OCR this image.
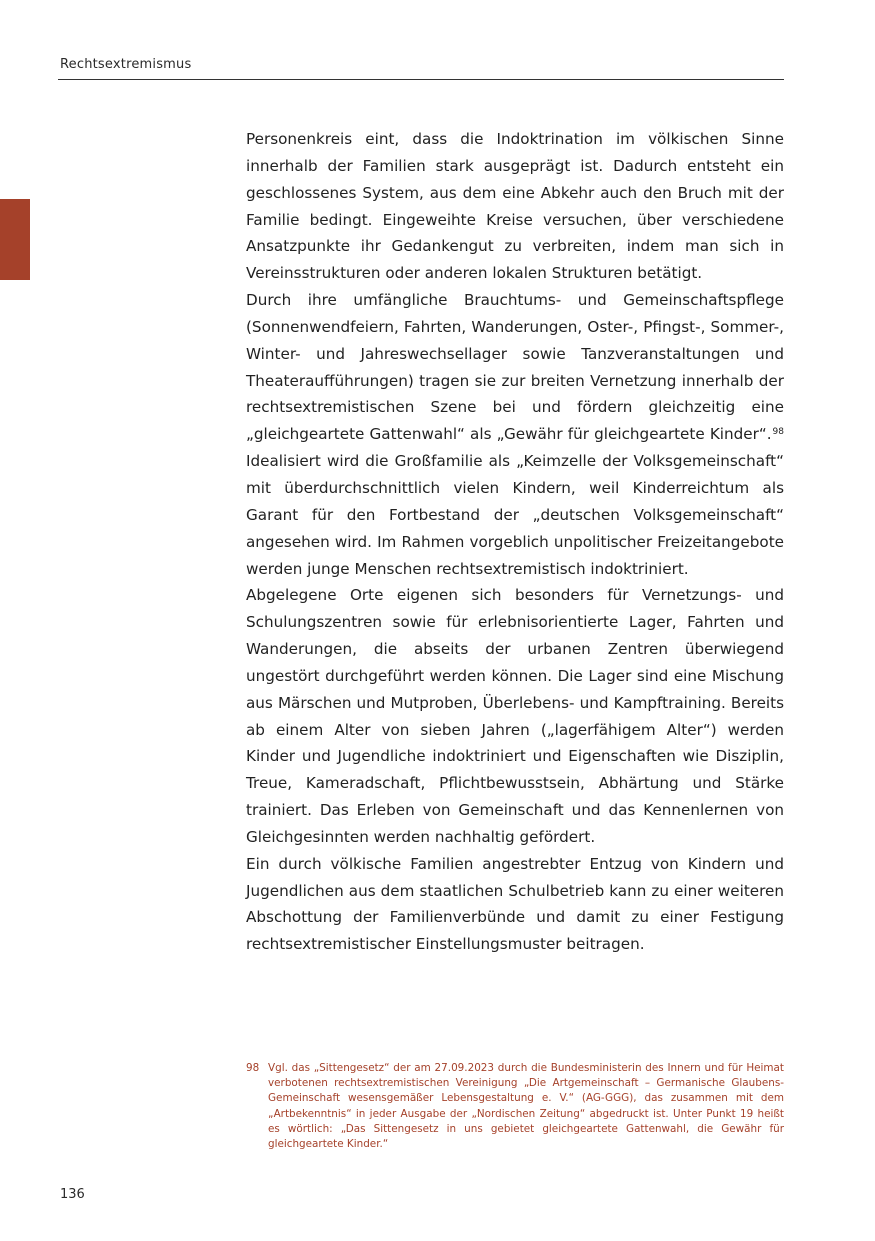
Rechtsextremismus

Personenkreis eint, dass die Indoktrination im völkischen Sinne innerhalb der Familien stark ausgeprägt ist. Dadurch entsteht ein geschlossenes System, aus dem eine Abkehr auch den Bruch mit der Familie bedingt. Eingeweihte Kreise versuchen, über verschiedene Ansatzpunkte ihr Gedankengut zu verbreiten, indem man sich in Vereinsstrukturen oder anderen lokalen Strukturen betätigt.

Durch ihre umfängliche Brauchtums- und Gemeinschaftspflege (Sonnenwendfeiern, Fahrten, Wanderungen, Oster-, Pfingst-, Sommer-, Winter- und Jahreswechsellager sowie Tanzveranstaltungen und Theateraufführungen) tragen sie zur breiten Vernetzung innerhalb der rechtsextremistischen Szene bei und fördern gleichzeitig eine „gleichgeartete Gattenwahl“ als „Gewähr für gleichgeartete Kinder“.$^{98}$ Idealisiert wird die Großfamilie als „Keimzelle der Volksgemeinschaft“ mit überdurchschnittlich vielen Kindern, weil Kinderreichtum als Garant für den Fortbestand der „deutschen Volksgemeinschaft“ angesehen wird. Im Rahmen vorgeblich unpolitischer Freizeitangebote werden junge Menschen rechtsextremistisch indoktriniert.

Abgelegene Orte eigenen sich besonders für Vernetzungs- und Schulungszentren sowie für erlebnisorientierte Lager, Fahrten und Wanderungen, die abseits der urbanen Zentren überwiegend ungestört durchgeführt werden können. Die Lager sind eine Mischung aus Märschen und Mutproben, Überlebens- und Kampftraining. Bereits ab einem Alter von sieben Jahren („lagerfähigem Alter“) werden Kinder und Jugendliche indoktriniert und Eigenschaften wie Disziplin, Treue, Kameradschaft, Pflichtbewusstsein, Abhärtung und Stärke trainiert. Das Erleben von Gemeinschaft und das Kennenlernen von Gleichgesinnten werden nachhaltig gefördert.

Ein durch völkische Familien angestrebter Entzug von Kindern und Jugendlichen aus dem staatlichen Schulbetrieb kann zu einer weiteren Abschottung der Familienverbünde und damit zu einer Festigung rechtsextremistischer Einstellungsmuster beitragen.

98 Vgl. das „Sittengesetz“ der am 27.09.2023 durch die Bundesministerin des Innern und für Heimat verbotenen rechtsextremistischen Vereinigung „Die Artgemeinschaft – Germanische Glaubens-Gemeinschaft wesensgemäßer Lebensgestaltung e. V.“ (AG-GGG), das zusammen mit dem „Artbekenntnis“ in jeder Ausgabe der „Nordischen Zeitung“ abgedruckt ist. Unter Punkt 19 heißt es wörtlich: „Das Sittengesetz in uns gebietet gleichgeartete Gattenwahl, die Gewähr für gleichgeartete Kinder.“

136
